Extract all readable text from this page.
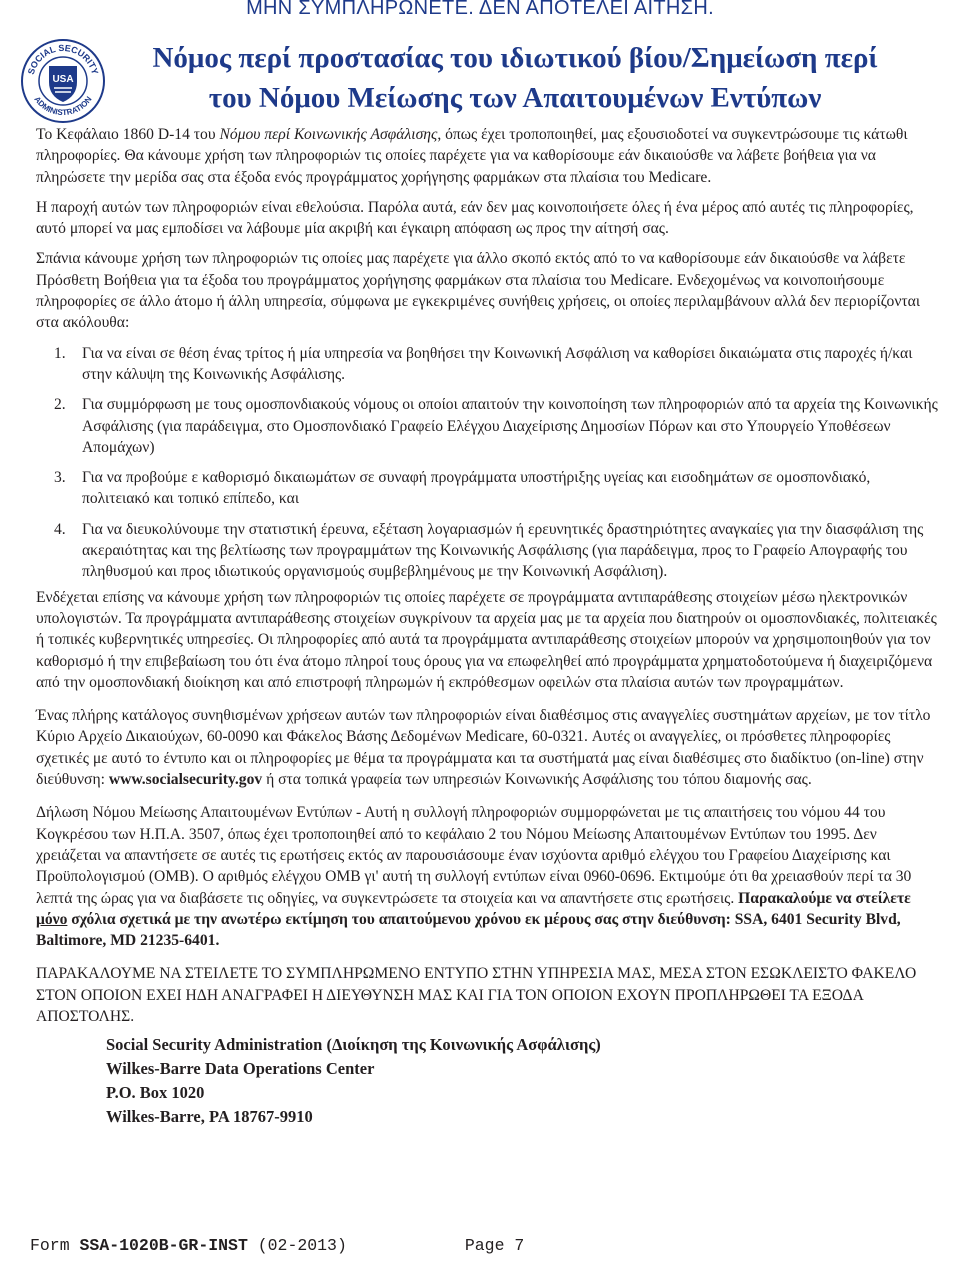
ΜΗΝ ΣΥΜΠΛΗΡΩΝΕΤΕ. ΔΕΝ ΑΠΟΤΕΛΕΙ ΑΙΤΗΣΗ.
SOCIAL SECURITY
ADMINISTRATION
USA
Νόμος περί προστασίας του ιδιωτικού βίου/Σημείωση περί
του Νόμου Μείωσης των Απαιτουμένων Εντύπων

Το Κεφάλαιο 1860 D-14 του Νόμου περί Κοινωνικής Ασφάλισης, όπως έχει τροποποιηθεί, μας εξουσιοδοτεί να συγκεντρώσουμε τις κάτωθι πληροφορίες. Θα κάνουμε χρήση των πληροφοριών τις οποίες παρέχετε για να καθορίσουμε εάν δικαιούσθε να λάβετε βοήθεια για να πληρώσετε την μερίδα σας στα έξοδα ενός προγράμματος χορήγησης φαρμάκων στα πλαίσια του Medicare.

Η παροχή αυτών των πληροφοριών είναι εθελούσια. Παρόλα αυτά, εάν δεν μας κοινοποιήσετε όλες ή ένα μέρος από αυτές τις πληροφορίες, αυτό μπορεί να μας εμποδίσει να λάβουμε μία ακριβή και έγκαιρη απόφαση ως προς την αίτησή σας.

Σπάνια κάνουμε χρήση των πληροφοριών τις οποίες μας παρέχετε για άλλο σκοπό εκτός από το να καθορίσουμε εάν δικαιούσθε να λάβετε Πρόσθετη Βοήθεια για τα έξοδα του προγράμματος χορήγησης φαρμάκων στα πλαίσια του Medicare. Ενδεχομένως να κοινοποιήσουμε πληροφορίες σε άλλο άτομο ή άλλη υπηρεσία, σύμφωνα με εγκεκριμένες συνήθεις χρήσεις, οι οποίες περιλαμβάνουν αλλά δεν περιορίζονται στα ακόλουθα:

1. Για να είναι σε θέση ένας τρίτος ή μία υπηρεσία να βοηθήσει την Κοινωνική Ασφάλιση να καθορίσει δικαιώματα στις παροχές ή/και στην κάλυψη της Κοινωνικής Ασφάλισης.
2. Για συμμόρφωση με τους ομοσπονδιακούς νόμους οι οποίοι απαιτούν την κοινοποίηση των πληροφοριών από τα αρχεία της Κοινωνικής Ασφάλισης (για παράδειγμα, στο Ομοσπονδιακό Γραφείο Ελέγχου Διαχείρισης Δημοσίων Πόρων και στο Υπουργείο Υποθέσεων Απομάχων)
3. Για να προβούμε ε καθορισμό δικαιωμάτων σε συναφή προγράμματα υποστήριξης υγείας και εισοδημάτων σε ομοσπονδιακό, πολιτειακό και τοπικό επίπεδο, και
4. Για να διευκολύνουμε την στατιστική έρευνα, εξέταση λογαριασμών ή ερευνητικές δραστηριότητες αναγκαίες για την διασφάλιση της ακεραιότητας και της βελτίωσης των προγραμμάτων της Κοινωνικής Ασφάλισης (για παράδειγμα, προς το Γραφείο Απογραφής του πληθυσμού και προς ιδιωτικούς οργανισμούς συμβεβλημένους με την Κοινωνική Ασφάλιση).

Ενδέχεται επίσης να κάνουμε χρήση των πληροφοριών τις οποίες παρέχετε σε προγράμματα αντιπαράθεσης στοιχείων μέσω ηλεκτρονικών υπολογιστών. Τα προγράμματα αντιπαράθεσης στοιχείων συγκρίνουν τα αρχεία μας με τα αρχεία που διατηρούν οι ομοσπονδιακές, πολιτειακές ή τοπικές κυβερνητικές υπηρεσίες. Οι πληροφορίες από αυτά τα προγράμματα αντιπαράθεσης στοιχείων μπορούν να χρησιμοποιηθούν για τον καθορισμό ή την επιβεβαίωση του ότι ένα άτομο πληροί τους όρους για να επωφεληθεί από προγράμματα χρηματοδοτούμενα ή διαχειριζόμενα από την ομοσπονδιακή διοίκηση και από επιστροφή πληρωμών ή εκπρόθεσμων οφειλών στα πλαίσια αυτών των προγραμμάτων.

Ένας πλήρης κατάλογος συνηθισμένων χρήσεων αυτών των πληροφοριών είναι διαθέσιμος στις αναγγελίες συστημάτων αρχείων, με τον τίτλο Κύριο Αρχείο Δικαιούχων, 60-0090 και Φάκελος Βάσης Δεδομένων Medicare, 60-0321. Αυτές οι αναγγελίες, οι πρόσθετες πληροφορίες σχετικές με αυτό το έντυπο και οι πληροφορίες με θέμα τα προγράμματα και τα συστήματά μας είναι διαθέσιμες στο διαδίκτυο (on-line) στην διεύθυνση: www.socialsecurity.gov ή στα τοπικά γραφεία των υπηρεσιών Κοινωνικής Ασφάλισης του τόπου διαμονής σας.

Δήλωση Νόμου Μείωσης Απαιτουμένων Εντύπων - Αυτή η συλλογή πληροφοριών συμμορφώνεται με τις απαιτήσεις του νόμου 44 του Κογκρέσου των Η.Π.Α. 3507, όπως έχει τροποποιηθεί από το κεφάλαιο 2 του Νόμου Μείωσης Απαιτουμένων Εντύπων του 1995. Δεν χρειάζεται να απαντήσετε σε αυτές τις ερωτήσεις εκτός αν παρουσιάσουμε έναν ισχύοντα αριθμό ελέγχου του Γραφείου Διαχείρισης και Προϋπολογισμού (OMB). Ο αριθμός ελέγχου OMB γι' αυτή τη συλλογή εντύπων είναι 0960-0696. Εκτιμούμε ότι θα χρειασθούν περί τα 30 λεπτά της ώρας για να διαβάσετε τις οδηγίες, να συγκεντρώσετε τα στοιχεία και να απαντήσετε στις ερωτήσεις. Παρακαλούμε να στείλετε μόνο σχόλια σχετικά με την ανωτέρω εκτίμηση του απαιτούμενου χρόνου εκ μέρους σας στην διεύθυνση: SSA, 6401 Security Blvd, Baltimore, MD 21235-6401.

ΠΑΡΑΚΑΛΟΥΜΕ ΝΑ ΣΤΕΙΛΕΤΕ ΤΟ ΣΥΜΠΛΗΡΩΜΕΝΟ ΕΝΤΥΠΟ ΣΤΗΝ ΥΠΗΡΕΣΙΑ ΜΑΣ, ΜΕΣΑ ΣΤΟΝ ΕΣΩΚΛΕΙΣΤΟ ΦΑΚΕΛΟ ΣΤΟΝ ΟΠΟΙΟΝ ΕΧΕΙ ΗΔΗ ΑΝΑΓΡΑΦΕΙ Η ΔΙΕΥΘΥΝΣΗ ΜΑΣ ΚΑΙ ΓΙΑ ΤΟΝ ΟΠΟΙΟΝ ΕΧΟΥΝ ΠΡΟΠΛΗΡΩΘΕΙ ΤΑ ΕΞΟΔΑ ΑΠΟΣΤΟΛΗΣ.

Social Security Administration (Διοίκηση της Κοινωνικής Ασφάλισης)
Wilkes-Barre Data Operations Center
P.O. Box 1020
Wilkes-Barre, PA 18767-9910
Form SSA-1020B-GR-INST (02-2013)	Page 7
